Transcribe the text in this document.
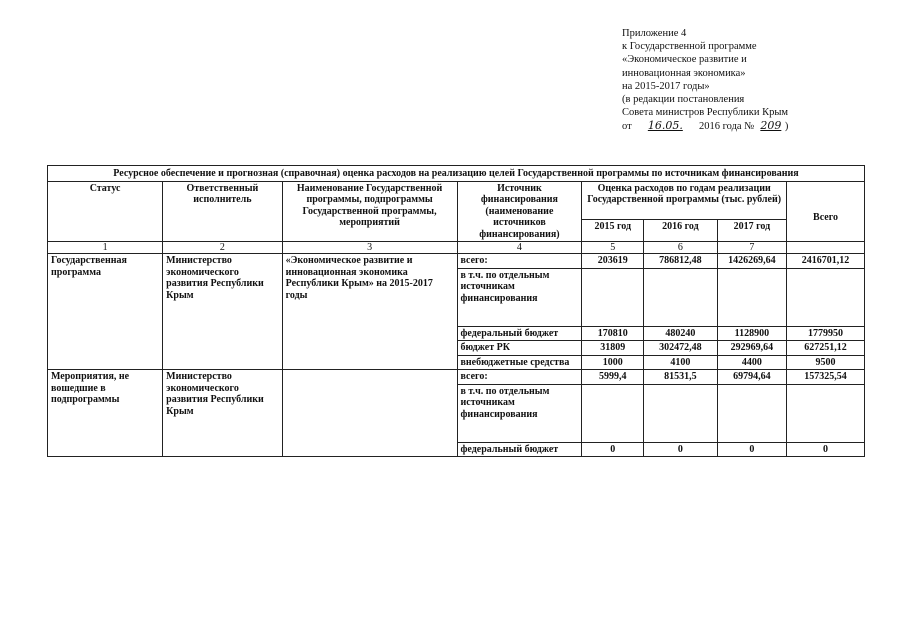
Приложение 4
к Государственной программе
«Экономическое развитие и
инновационная экономика»
на 2015-2017 годы»
(в редакции постановления
Совета министров Республики Крым
от 16.05. 2016 года № 209 )
Ресурсное обеспечение и прогнозная (справочная) оценка расходов на реализацию целей Государственной программы по источникам финансирования							
Статус	Ответственный исполнитель	Наименование Государственной программы, подпрограммы Государственной программы, мероприятий	Источник финансирования (наименование источников финансирования)	Оценка расходов по годам реализации Государственной программы (тыс. рублей)			Всего
				2015 год	2016 год	2017 год	
1	2	3	4	5	6	7	
Государственная программа	Министерство экономического развития Республики Крым	«Экономическое развитие и инновационная экономика Республики Крым» на 2015-2017 годы	всего:	203619	786812,48	1426269,64	2416701,12
			в т.ч. по отдельным источникам финансирования				
			федеральный бюджет	170810	480240	1128900	1779950
			бюджет РК	31809	302472,48	292969,64	627251,12
			внебюджетные средства	1000	4100	4400	9500
Мероприятия, не вошедшие в подпрограммы	Министерство экономического развития Республики Крым		всего:	5999,4	81531,5	69794,64	157325,54
			в т.ч. по отдельным источникам финансирования				
			федеральный бюджет	0	0	0	0
